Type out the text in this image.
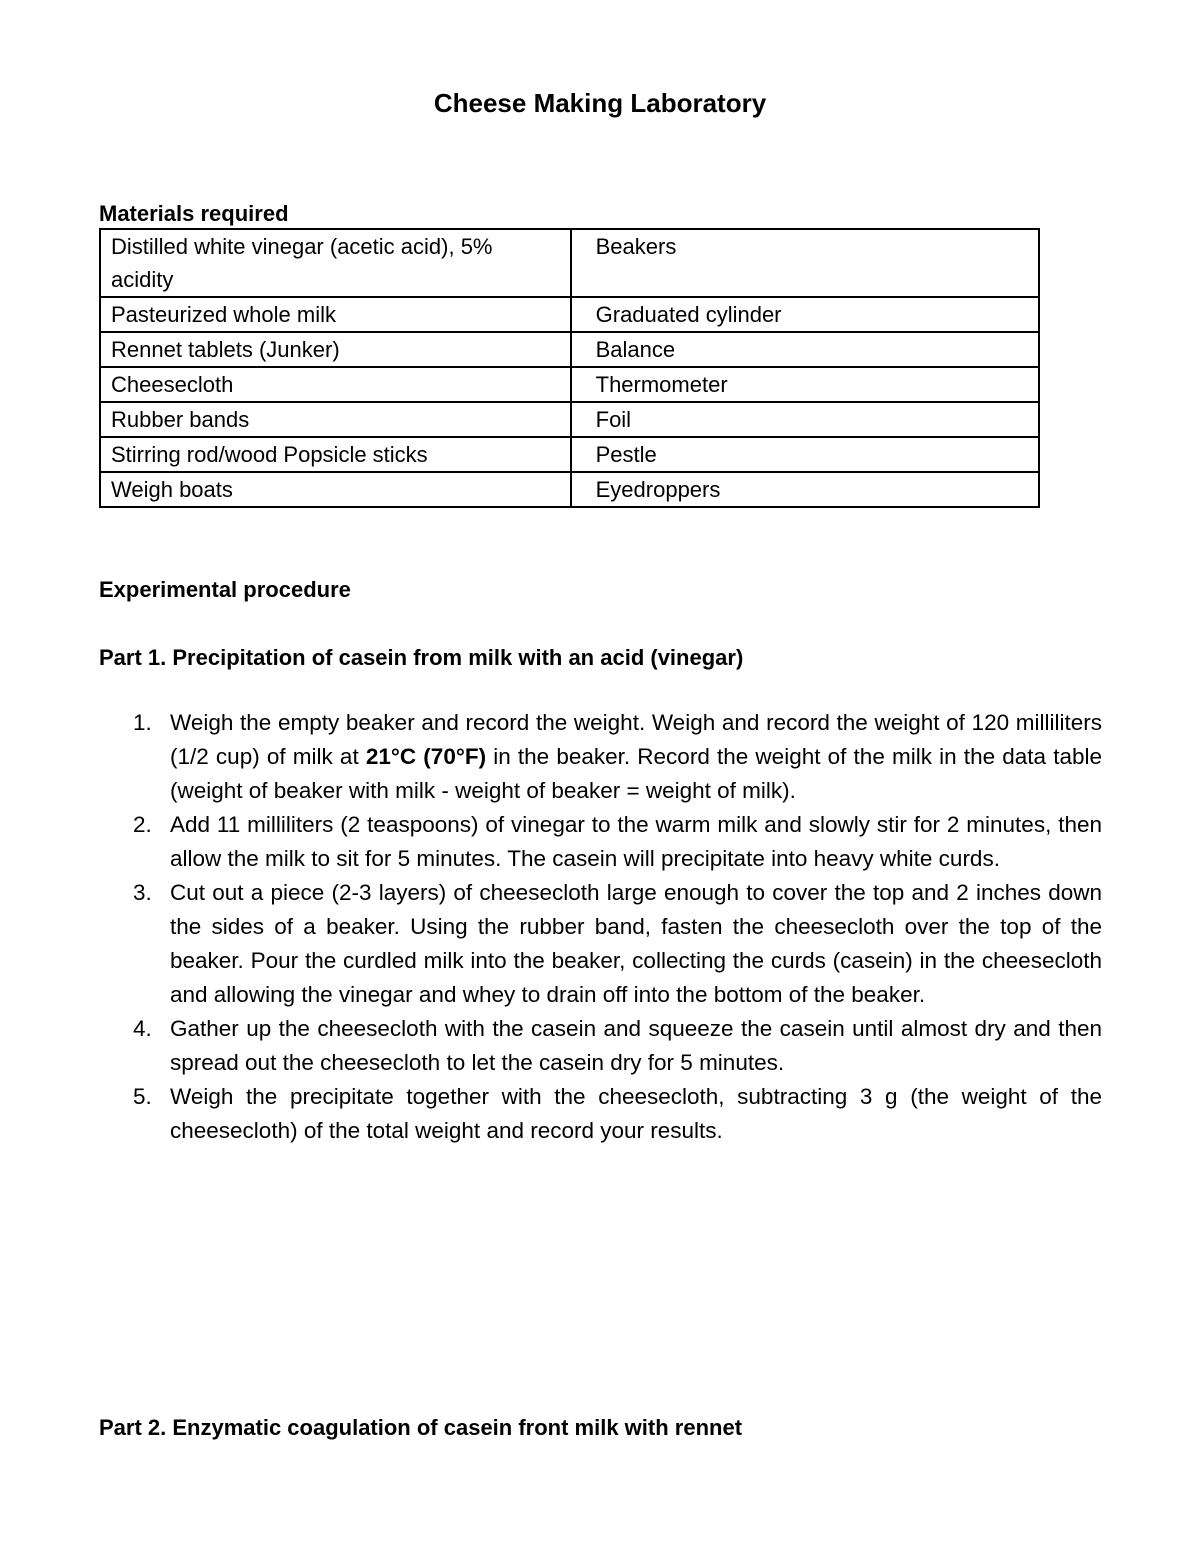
Cheese Making Laboratory
Materials required
Distilled white vinegar (acetic acid), 5% acidity	Beakers
Pasteurized whole milk	Graduated cylinder
Rennet tablets (Junker)	Balance
Cheesecloth	Thermometer
Rubber bands	Foil
Stirring rod/wood Popsicle sticks	Pestle
Weigh boats	Eyedroppers
Experimental procedure
Part 1. Precipitation of casein from milk with an acid (vinegar)
1. Weigh the empty beaker and record the weight. Weigh and record the weight of 120 milliliters (1/2 cup) of milk at 21°C (70°F) in the beaker. Record the weight of the milk in the data table (weight of beaker with milk - weight of beaker = weight of milk).
2. Add 11 milliliters (2 teaspoons) of vinegar to the warm milk and slowly stir for 2 minutes, then allow the milk to sit for 5 minutes. The casein will precipitate into heavy white curds.
3. Cut out a piece (2-3 layers) of cheesecloth large enough to cover the top and 2 inches down the sides of a beaker. Using the rubber band, fasten the cheesecloth over the top of the beaker. Pour the curdled milk into the beaker, collecting the curds (casein) in the cheesecloth and allowing the vinegar and whey to drain off into the bottom of the beaker.
4. Gather up the cheesecloth with the casein and squeeze the casein until almost dry and then spread out the cheesecloth to let the casein dry for 5 minutes.
5. Weigh the precipitate together with the cheesecloth, subtracting 3 g (the weight of the cheesecloth) of the total weight and record your results.
Part 2. Enzymatic coagulation of casein front milk with rennet
